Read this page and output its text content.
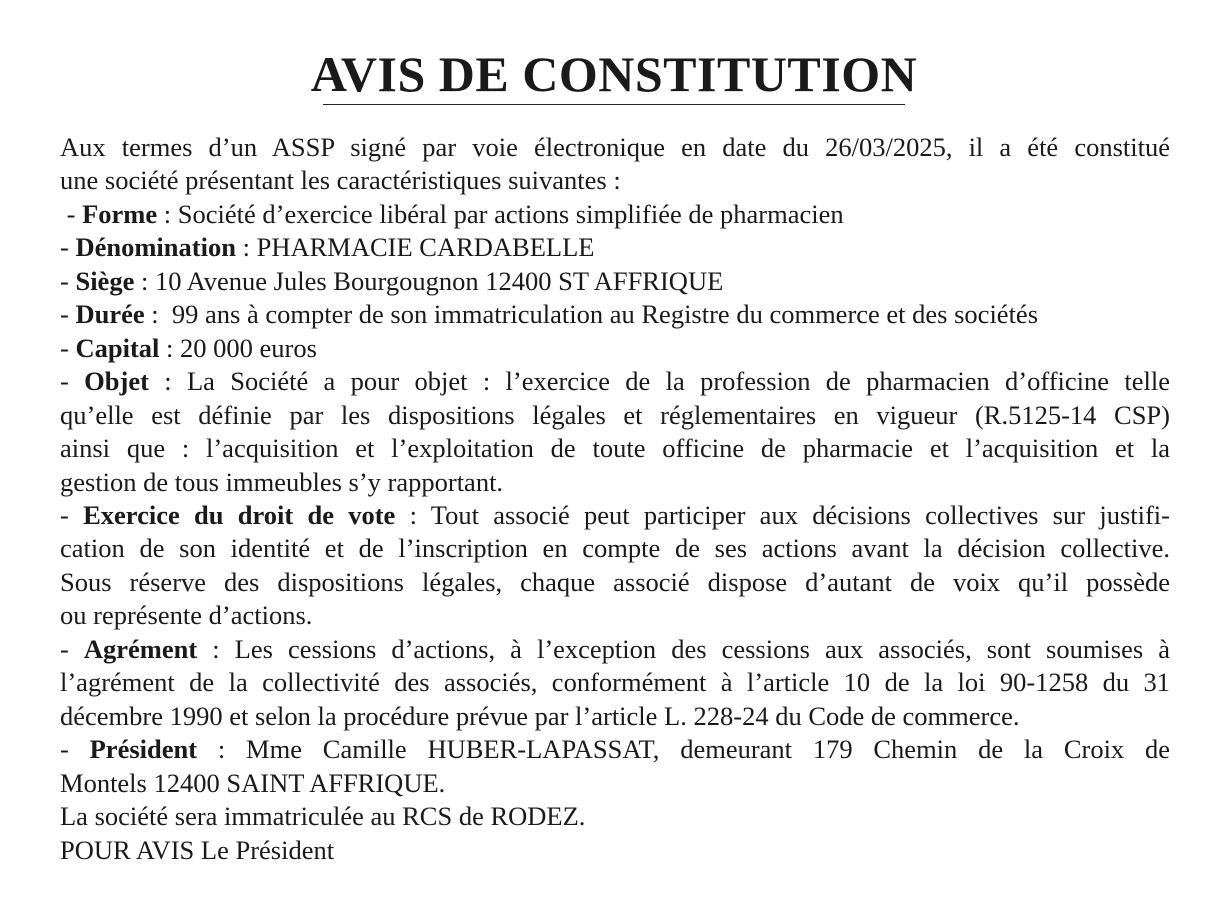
AVIS DE CONSTITUTION
Aux termes d’un ASSP signé par voie électronique en date du 26/03/2025, il a été constitué
une société présentant les caractéristiques suivantes :
- Forme : Société d’exercice libéral par actions simplifiée de pharmacien
- Dénomination : PHARMACIE CARDABELLE
- Siège : 10 Avenue Jules Bourgougnon 12400 ST AFFRIQUE
- Durée :  99 ans à compter de son immatriculation au Registre du commerce et des sociétés
- Capital : 20 000 euros
- Objet : La Société a pour objet : l’exercice de la profession de pharmacien d’officine telle
qu’elle est définie par les dispositions légales et réglementaires en vigueur (R.5125-14 CSP)
ainsi que : l’acquisition et l’exploitation de toute officine de pharmacie et l’acquisition et la
gestion de tous immeubles s’y rapportant.
- Exercice du droit de vote : Tout associé peut participer aux décisions collectives sur justifi-
cation de son identité et de l’inscription en compte de ses actions avant la décision collective.
Sous réserve des dispositions légales, chaque associé dispose d’autant de voix qu’il possède
ou représente d’actions.
- Agrément : Les cessions d’actions, à l’exception des cessions aux associés, sont soumises à
l’agrément de la collectivité des associés, conformément à l’article 10 de la loi 90-1258 du 31
décembre 1990 et selon la procédure prévue par l’article L. 228-24 du Code de commerce.
- Président : Mme Camille HUBER-LAPASSAT, demeurant 179 Chemin de la Croix de
Montels 12400 SAINT AFFRIQUE.
La société sera immatriculée au RCS de RODEZ.
POUR AVIS Le Président
